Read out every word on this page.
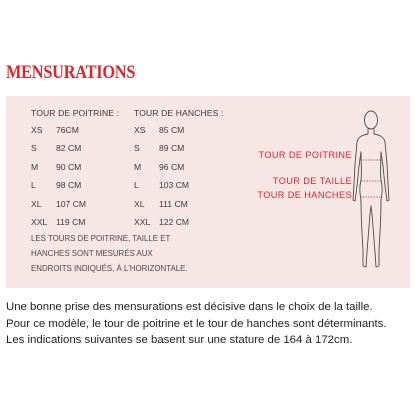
MENSURATIONS
TOUR DE POITRINE :
XS 76CM
S 82 CM
M 90 CM
L 98 CM
XL 107 CM
XXL 119 CM
TOUR DE HANCHES :
XS 85 CM
S 89 CM
M 96 CM
L 103 CM
XL 111 CM
XXL 122 CM
LES TOURS DE POITRINE, TAILLE ET HANCHES SONT MESURÉS AUX ENDROITS INDIQUÉS, À L'HORIZONTALE.
TOUR DE POITRINE
TOUR DE TAILLE
TOUR DE HANCHES

Une bonne prise des mensurations est décisive dans le choix de la taille.

Pour ce modèle, le tour de poitrine et le tour de hanches sont déterminants.

Les indications suivantes se basent sur une stature de 164 à 172cm.
